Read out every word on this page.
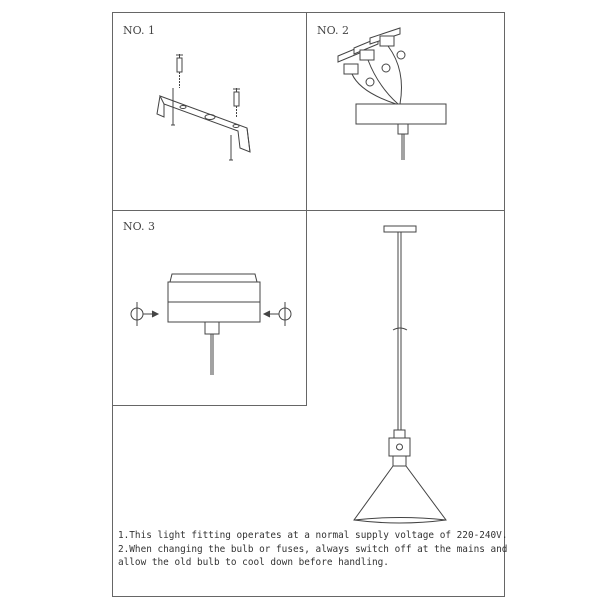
NO. 1	NO. 2
NO. 3
1.This light fitting operates at a normal supply voltage of 220-240V.
2.When changing the bulb or fuses, always switch off at the mains and
allow the old bulb to cool down before handling.
